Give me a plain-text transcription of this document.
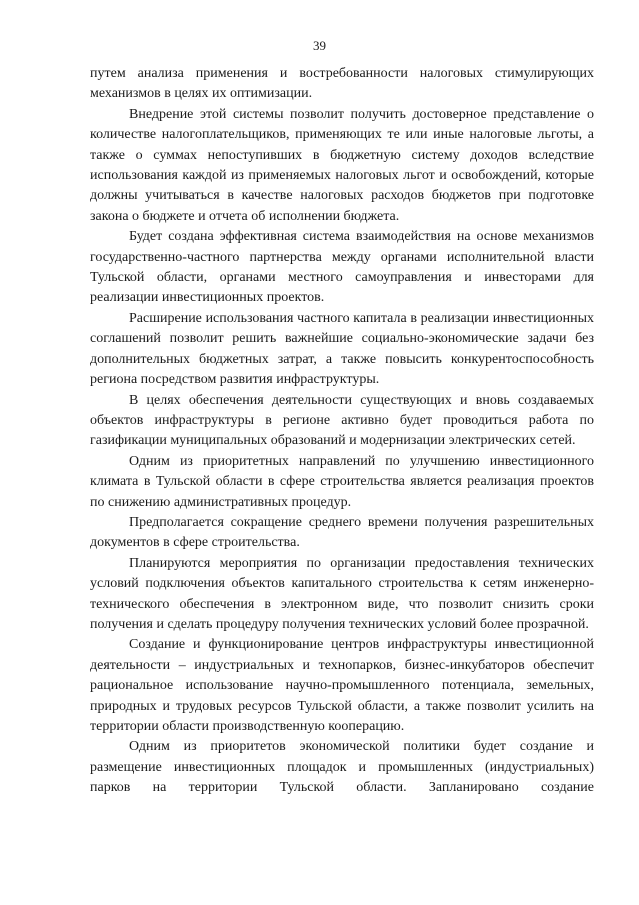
39

путем анализа применения и востребованности налоговых стимулирующих механизмов в целях их оптимизации.

Внедрение этой системы позволит получить достоверное представление о количестве налогоплательщиков, применяющих те или иные налоговые льготы, а также о суммах непоступивших в бюджетную систему доходов вследствие использования каждой из применяемых налоговых льгот и освобождений, которые должны учитываться в качестве налоговых расходов бюджетов при подготовке закона о бюджете и отчета об исполнении бюджета.

Будет создана эффективная система взаимодействия на основе механизмов государственно-частного партнерства между органами исполнительной власти Тульской области, органами местного самоуправления и инвесторами для реализации инвестиционных проектов.

Расширение использования частного капитала в реализации инвестиционных соглашений позволит решить важнейшие социально-экономические задачи без дополнительных бюджетных затрат, а также повысить конкурентоспособность региона посредством развития инфраструктуры.

В целях обеспечения деятельности существующих и вновь создаваемых объектов инфраструктуры в регионе активно будет проводиться работа по газификации муниципальных образований и модернизации электрических сетей.

Одним из приоритетных направлений по улучшению инвестиционного климата в Тульской области в сфере строительства является реализация проектов по снижению административных процедур.

Предполагается сокращение среднего времени получения разрешительных документов в сфере строительства.

Планируются мероприятия по организации предоставления технических условий подключения объектов капитального строительства к сетям инженерно-технического обеспечения в электронном виде, что позволит снизить сроки получения и сделать процедуру получения технических условий более прозрачной.

Создание и функционирование центров инфраструктуры инвестиционной деятельности – индустриальных и технопарков, бизнес-инкубаторов обеспечит рациональное использование научно-промышленного потенциала, земельных, природных и трудовых ресурсов Тульской области, а также позволит усилить на территории области производственную кооперацию.

Одним из приоритетов экономической политики будет создание и размещение инвестиционных площадок и промышленных (индустриальных) парков на территории Тульской области. Запланировано создание
